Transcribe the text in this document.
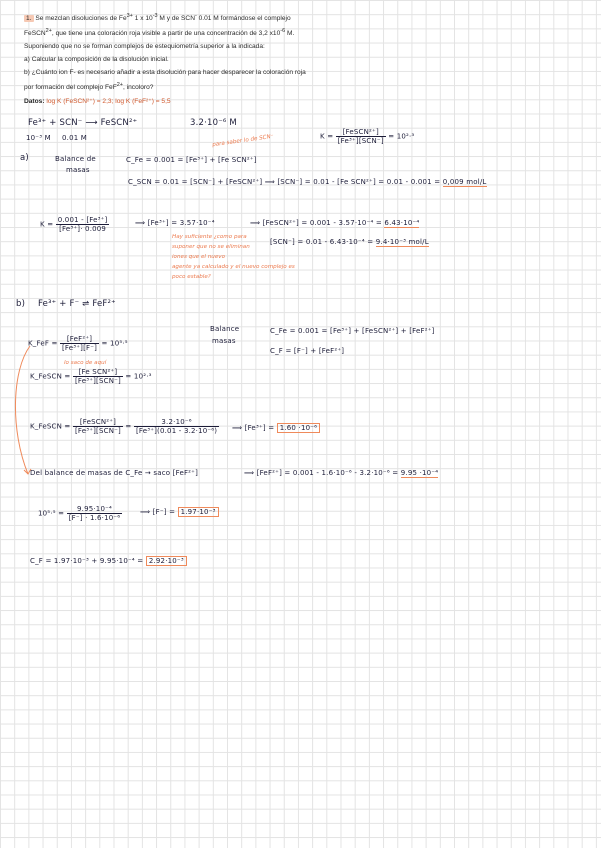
1. Se mezclan disoluciones de $Fe^{3+}$ 1 x $10^{-3}$ M y de SCN- 0.01 M formándose el complejo
FeSCN$^{2+}$, que tiene una coloración roja visible a partir de una concentración de 3,2 $x10^{-6}$ M.
Suponiendo que no se forman complejos de estequiometría superior a la indicada:
a) Calcular la composición de la disolución inicial.
b) ¿Cuánto ion F- es necesario añadir a esta disolución para hacer desparecer la coloración roja
por formación del complejo FeF$^{2+}$, incoloro?
Datos: log K (FeSCN²⁺) = 2,3; log K (FeF²⁺) = 5,5
Fe³⁺ + SCN⁻ ⟶ FeSCN²⁺	3.2·10⁻⁶ M
10⁻³ M 0.01 M	$K = \frac{\text{[FeSCN²⁺]}}{\text{[Fe³⁺][SCN⁻]}} = 10^2\cdot^3$
a)	Balance de
masas
para saber lo de SCN⁻
C_Fe = 0.001 = [Fe³⁺] + [Fe SCN²⁺]
C_SCN = 0.01 = [SCN⁻] + [FeSCN²⁺] ⟹ [SCN⁻] = 0.01 - [Fe SCN²⁺] = 0.01 - 0.001 = 0,009 mol/L
$K = \frac{\text{0.001 - [Fe³⁺]}}{\text{[Fe³⁺]· 0.009}}$	⟹ [Fe³⁺] = 3.57·10⁻⁴	⟹ [FeSCN²⁺] = 0.001 - 3.57·10⁻⁴ = 6.43·10⁻⁴
[SCN⁻] = 0.01 - 6.43·10⁻⁴ = 9.4·10⁻³ mol/L
Hay suficiente ¿como para
suponer que no se eliminan
iones que el nuevo
agente ya calculado y el nuevo complejo es
poco estable?
b) Fe³⁺ + F⁻ ⇌ FeF²⁺
Balance
masas
C_Fe = 0.001 = [Fe³⁺] + [FeSCN²⁺] + [FeF²⁺]
C_F = [F⁻] + [FeF²⁺]
K_FeF = $\frac{\text{[FeF²⁺]}}{\text{[Fe³⁺][F⁻]}} = 10^5\cdot^5$
lo saco de aquí
K_FeSCN = $\frac{\text{[Fe SCN²⁺]}}{\text{[Fe³⁺][SCN⁻]}} = 10^2\cdot^3$
K_FeSCN = $\frac{\text{[FeSCN²⁺]}}{\text{[Fe³⁺][SCN⁻]}} = \frac{\text{3.2·10⁻⁶}}{\text{[Fe³⁺](0.01 - 3.2·10⁻⁶)}}$ ⟹ [Fe³⁺] = 1.60 ·10⁻⁶
Del balance de masas de C_Fe → saco [FeF²⁺]	⟹ [FeF²⁺] = 0.001 - 1.6·10⁻⁶ - 3.2·10⁻⁶ = 9.95 ·10⁻⁴
$10^5\cdot^5 = \frac{\text{9.95·10⁻⁴}}{\text{[F⁻] · 1.6·10⁻⁶}}$	⟹ [F⁻] = 1.97·10⁻³
C_F = 1.97·10⁻³ + 9.95·10⁻⁴ = 2.92·10⁻³
